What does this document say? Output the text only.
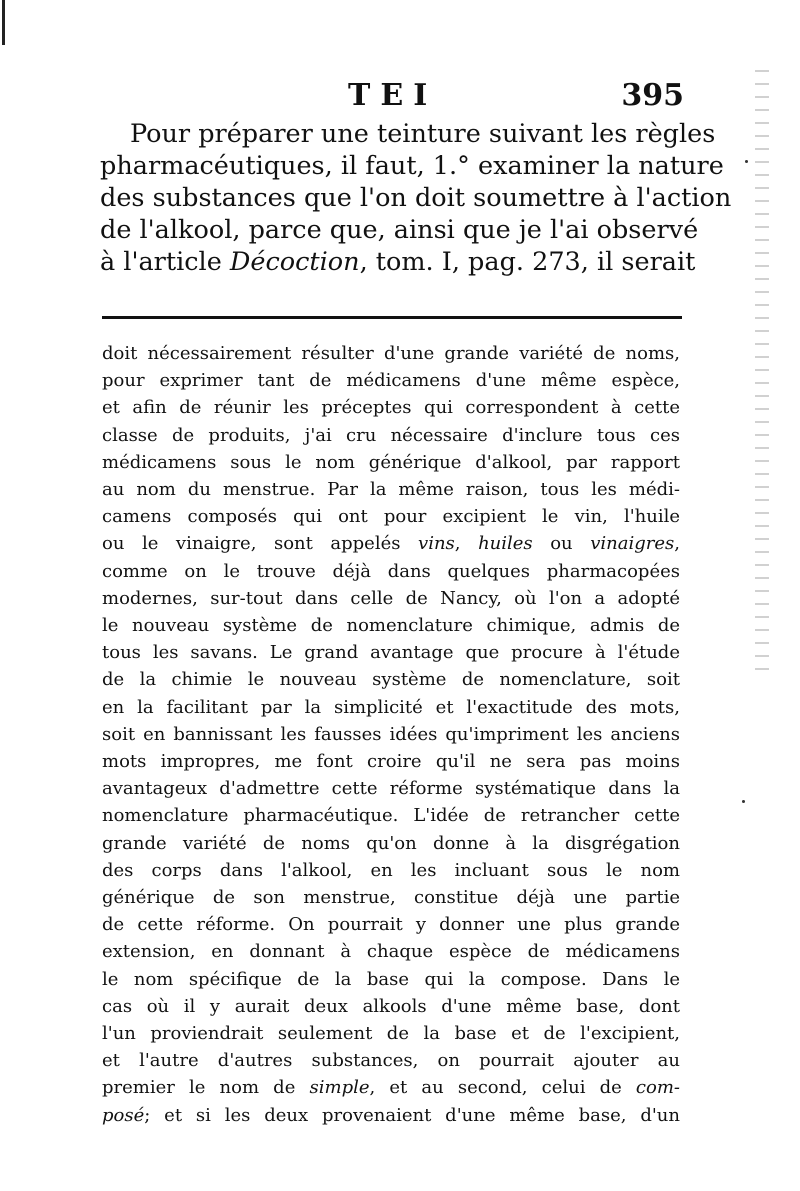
TEI	395
Pour préparer une teinture suivant les règles
pharmacéutiques, il faut, 1.° examiner la nature
des substances que l'on doit soumettre à l'action
de l'alkool, parce que, ainsi que je l'ai observé
à l'article Décoction, tom. I, pag. 273, il serait
doit nécessairement résulter d'une grande variété de noms,
pour exprimer tant de médicamens d'une même espèce,
et afin de réunir les préceptes qui correspondent à cette
classe de produits, j'ai cru nécessaire d'inclure tous ces
médicamens sous le nom générique d'alkool, par rapport
au nom du menstrue. Par la même raison, tous les médi-
camens composés qui ont pour excipient le vin, l'huile
ou le vinaigre, sont appelés vins, huiles ou vinaigres,
comme on le trouve déjà dans quelques pharmacopées
modernes, sur-tout dans celle de Nancy, où l'on a adopté
le nouveau système de nomenclature chimique, admis de
tous les savans. Le grand avantage que procure à l'étude
de la chimie le nouveau système de nomenclature, soit
en la facilitant par la simplicité et l'exactitude des mots,
soit en bannissant les fausses idées qu'impriment les anciens
mots impropres, me font croire qu'il ne sera pas moins
avantageux d'admettre cette réforme systématique dans la
nomenclature pharmacéutique. L'idée de retrancher cette
grande variété de noms qu'on donne à la disgrégation
des corps dans l'alkool, en les incluant sous le nom
générique de son menstrue, constitue déjà une partie
de cette réforme. On pourrait y donner une plus grande
extension, en donnant à chaque espèce de médicamens
le nom spécifique de la base qui la compose. Dans le
cas où il y aurait deux alkools d'une même base, dont
l'un proviendrait seulement de la base et de l'excipient,
et l'autre d'autres substances, on pourrait ajouter au
premier le nom de simple, et au second, celui de com-
posé; et si les deux provenaient d'une même base, d'un
